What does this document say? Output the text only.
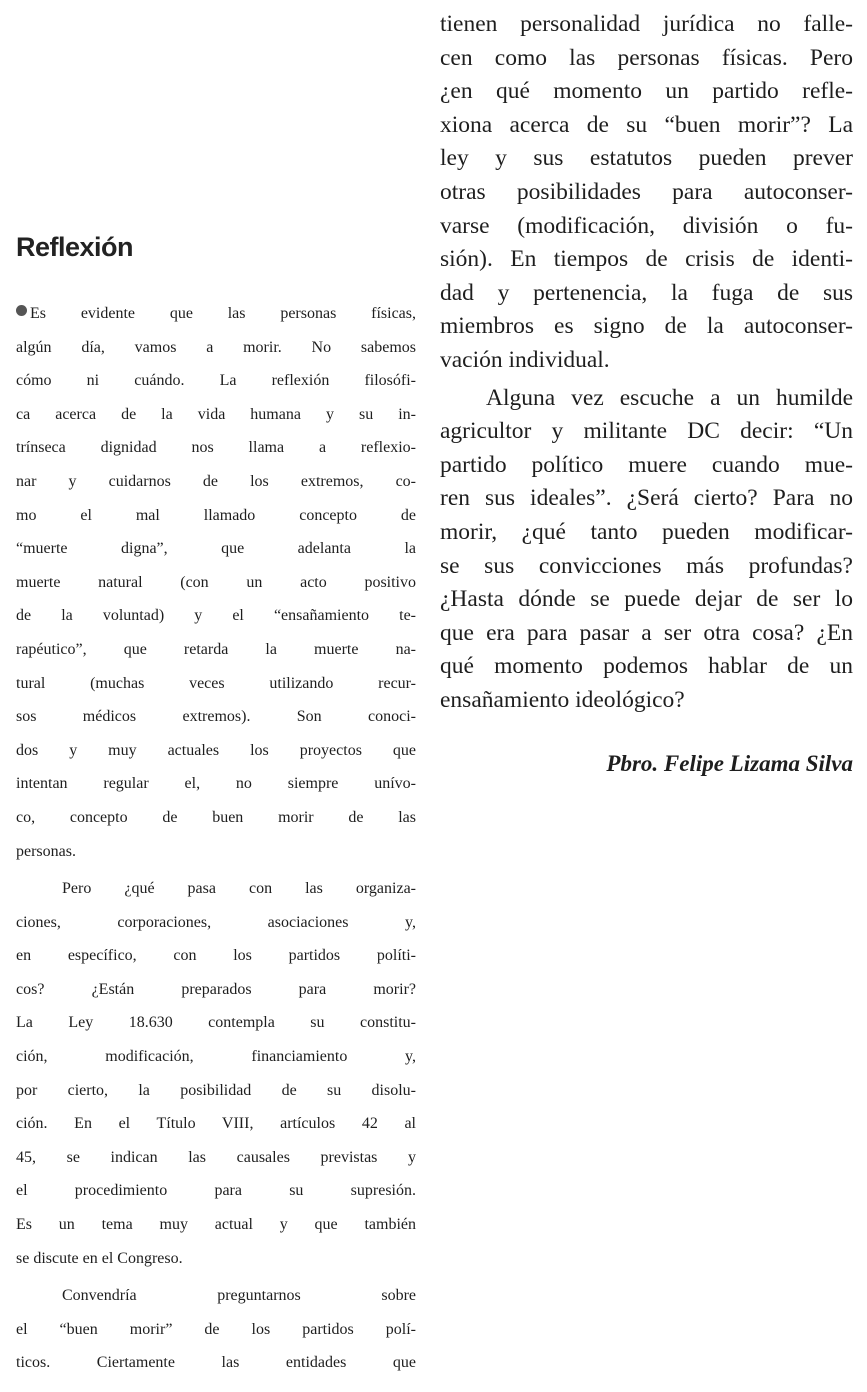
Reflexión
Es evidente que las personas físicas,
algún día, vamos a morir. No sabemos
cómo ni cuándo. La reflexión filosófi-
ca acerca de la vida humana y su in-
trínseca dignidad nos llama a reflexio-
nar y cuidarnos de los extremos, co-
mo el mal llamado concepto de
“muerte digna”, que adelanta la
muerte natural (con un acto positivo
de la voluntad) y el “ensañamiento te-
rapéutico”, que retarda la muerte na-
tural (muchas veces utilizando recur-
sos médicos extremos). Son conoci-
dos y muy actuales los proyectos que
intentan regular el, no siempre unívo-
co, concepto de buen morir de las
personas.
Pero ¿qué pasa con las organiza-
ciones, corporaciones, asociaciones y,
en específico, con los partidos políti-
cos? ¿Están preparados para morir?
La Ley 18.630 contempla su constitu-
ción, modificación, financiamiento y,
por cierto, la posibilidad de su disolu-
ción. En el Título VIII, artículos 42 al
45, se indican las causales previstas y
el procedimiento para su supresión.
Es un tema muy actual y que también
se discute en el Congreso.
Convendría preguntarnos sobre
el “buen morir” de los partidos polí-
ticos. Ciertamente las entidades que
tienen personalidad jurídica no falle-
cen como las personas físicas. Pero
¿en qué momento un partido refle-
xiona acerca de su “buen morir”? La
ley y sus estatutos pueden prever
otras posibilidades para autoconser-
varse (modificación, división o fu-
sión). En tiempos de crisis de identi-
dad y pertenencia, la fuga de sus
miembros es signo de la autoconser-
vación individual.
Alguna vez escuche a un humilde
agricultor y militante DC decir: “Un
partido político muere cuando mue-
ren sus ideales”. ¿Será cierto? Para no
morir, ¿qué tanto pueden modificar-
se sus convicciones más profundas?
¿Hasta dónde se puede dejar de ser lo
que era para pasar a ser otra cosa? ¿En
qué momento podemos hablar de un
ensañamiento ideológico?
Pbro. Felipe Lizama Silva
